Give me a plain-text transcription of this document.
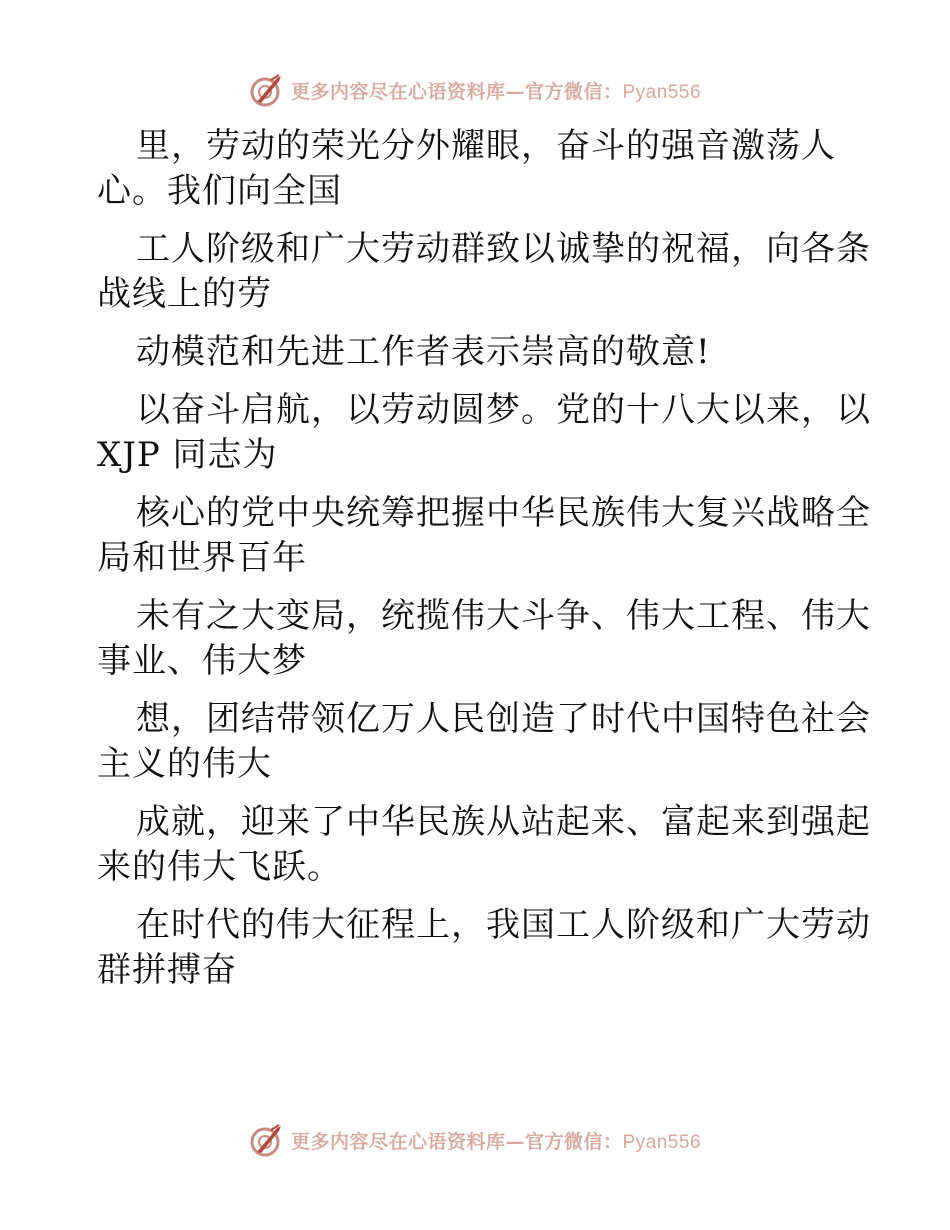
更多内容尽在心语资料库—官方微信：Pyan556
里，劳动的荣光分外耀眼，奋斗的强音激荡人
心。我们向全国
工人阶级和广大劳动群致以诚挚的祝福，向各条
战线上的劳
动模范和先进工作者表示崇高的敬意!
以奋斗启航，以劳动圆梦。党的十八大以来，以
XJP 同志为
核心的党中央统筹把握中华民族伟大复兴战略全
局和世界百年
未有之大变局，统揽伟大斗争、伟大工程、伟大
事业、伟大梦
想，团结带领亿万人民创造了时代中国特色社会
主义的伟大
成就，迎来了中华民族从站起来、富起来到强起
来的伟大飞跃。
在时代的伟大征程上，我国工人阶级和广大劳动
群拼搏奋
更多内容尽在心语资料库—官方微信：Pyan556
